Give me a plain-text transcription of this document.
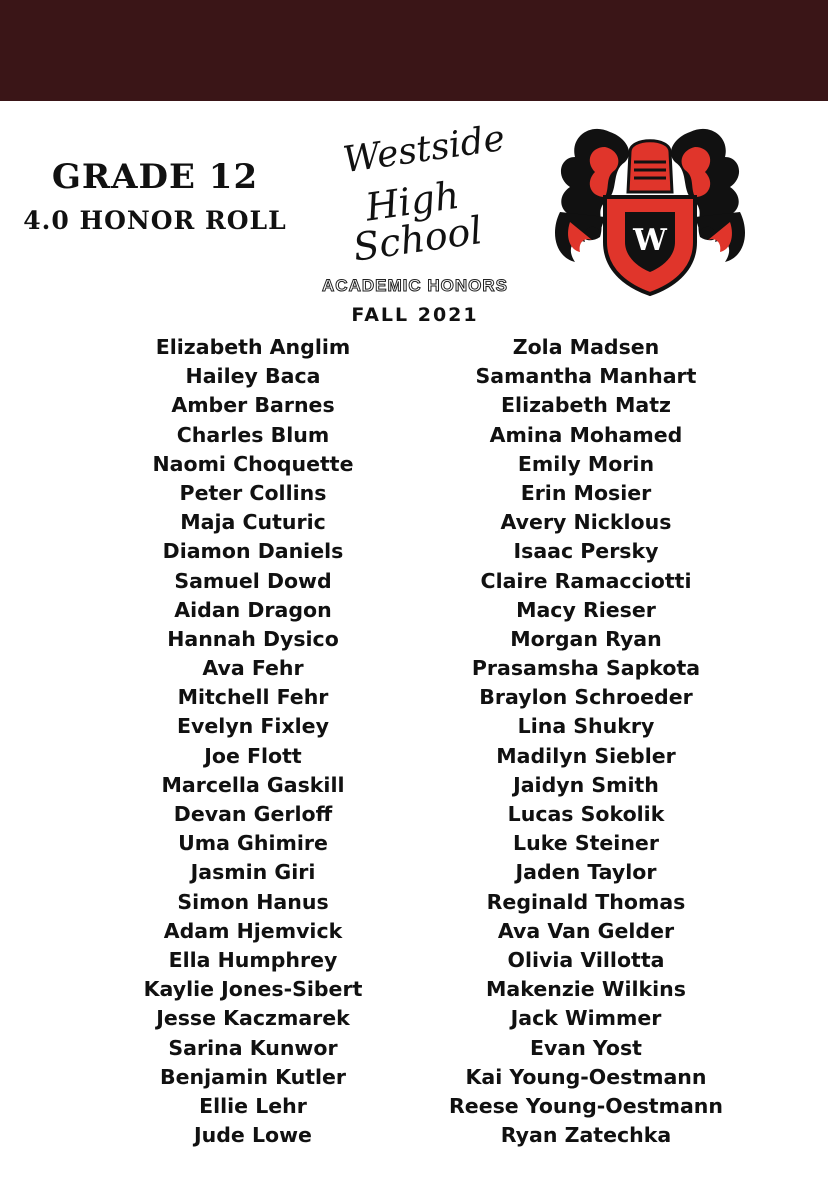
GRADE 12
4.0 HONOR ROLL
Westside
High School
ACADEMIC HONORS
FALL 2021
W
Elizabeth Anglim
Hailey Baca
Amber Barnes
Charles Blum
Naomi Choquette
Peter Collins
Maja Cuturic
Diamon Daniels
Samuel Dowd
Aidan Dragon
Hannah Dysico
Ava Fehr
Mitchell Fehr
Evelyn Fixley
Joe Flott
Marcella Gaskill
Devan Gerloff
Uma Ghimire
Jasmin Giri
Simon Hanus
Adam Hjemvick
Ella Humphrey
Kaylie Jones-Sibert
Jesse Kaczmarek
Sarina Kunwor
Benjamin Kutler
Ellie Lehr
Jude Lowe
Zola Madsen
Samantha Manhart
Elizabeth Matz
Amina Mohamed
Emily Morin
Erin Mosier
Avery Nicklous
Isaac Persky
Claire Ramacciotti
Macy Rieser
Morgan Ryan
Prasamsha Sapkota
Braylon Schroeder
Lina Shukry
Madilyn Siebler
Jaidyn Smith
Lucas Sokolik
Luke Steiner
Jaden Taylor
Reginald Thomas
Ava Van Gelder
Olivia Villotta
Makenzie Wilkins
Jack Wimmer
Evan Yost
Kai Young-Oestmann
Reese Young-Oestmann
Ryan Zatechka
